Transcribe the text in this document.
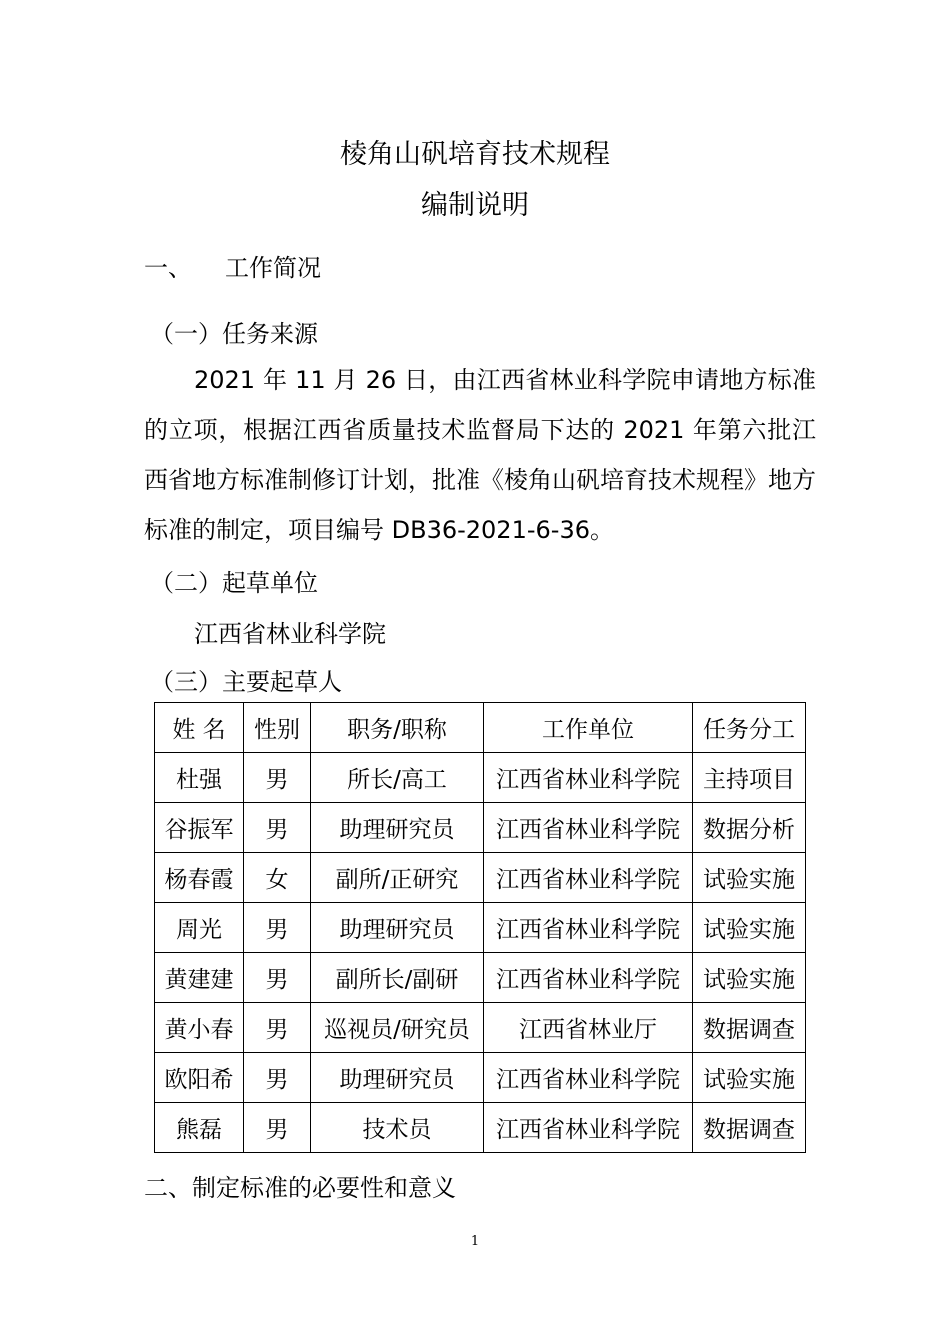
棱角山矾培育技术规程
编制说明
一、 工作简况
（一）任务来源
2021 年 11 月 26 日，由江西省林业科学院申请地方标准的立项，根据江西省质量技术监督局下达的 2021 年第六批江西省地方标准制修订计划，批准《棱角山矾培育技术规程》地方标准的制定，项目编号 DB36-2021-6-36。
（二）起草单位
江西省林业科学院
（三）主要起草人
姓 名	性别	职务/职称	工作单位	任务分工
杜强	男	所长/高工	江西省林业科学院	主持项目
谷振军	男	助理研究员	江西省林业科学院	数据分析
杨春霞	女	副所/正研究	江西省林业科学院	试验实施
周光	男	助理研究员	江西省林业科学院	试验实施
黄建建	男	副所长/副研	江西省林业科学院	试验实施
黄小春	男	巡视员/研究员	江西省林业厅	数据调查
欧阳希	男	助理研究员	江西省林业科学院	试验实施
熊磊	男	技术员	江西省林业科学院	数据调查
二、制定标准的必要性和意义
1
